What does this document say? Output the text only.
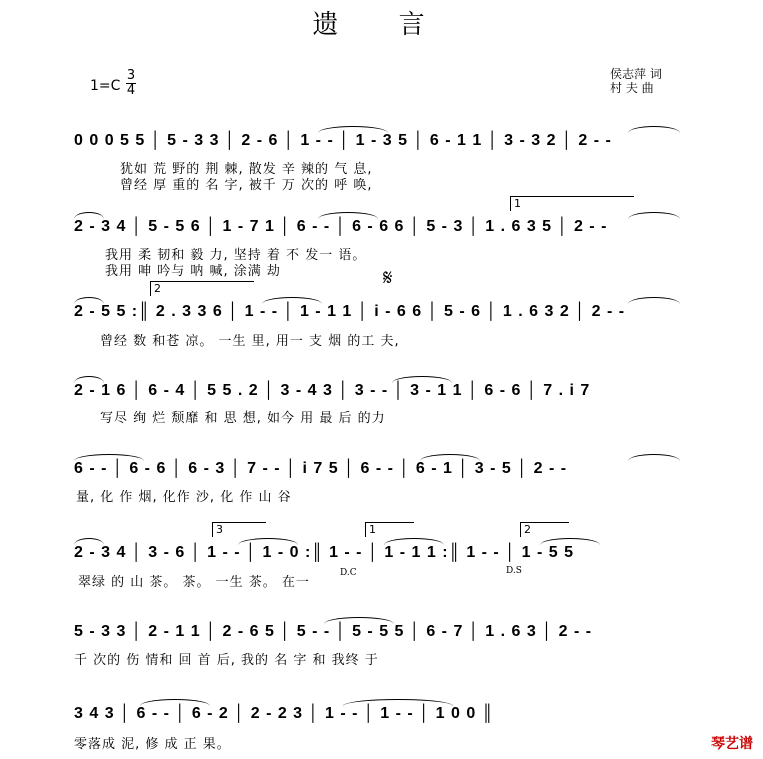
遗 言
侯志萍 词
村 夫 曲
1=C
3
4
0 0 0 5 5 │ 5 - 3 3 │ 2 - 6 │ 1 - - │ 1 - 3 5 │ 6 - 1 1 │ 3 - 3 2 │ 2 - -
犹如 荒 野的 荆 棘, 散发 辛 辣的 气 息,
曾经 厚 重的 名 字, 被千 万 次的 呼 唤,
1
2 - 3 4 │ 5 - 5 6 │ 1 - 7 1 │ 6 - - │ 6 - 6 6 │ 5 - 3 │ 1 . 6 3 5 │ 2 - -
我用 柔 韧和 毅 力, 坚持 着 不 发一 语。
我用 呻 吟与 呐 喊, 涂满 劫	𝄋
2
2 - 5 5 :║ 2 . 3 3 6 │ 1 - - │ 1 - 1 1 │ i - 6 6 │ 5 - 6 │ 1 . 6 3 2 │ 2 - -
曾经 数 和苍 凉。 一生 里, 用一 支 烟 的工 夫,
2 - 1 6 │ 6 - 4 │ 5 5 . 2 │ 3 - 4 3 │ 3 - - │ 3 - 1 1 │ 6 - 6 │ 7 . i 7
写尽 绚 烂 颓靡 和 思 想, 如今 用 最 后 的力
6 - - │ 6 - 6 │ 6 - 3 │ 7 - - │ i 7 5 │ 6 - - │ 6 - 1 │ 3 - 5 │ 2 - -
量, 化 作 烟, 化作 沙, 化 作 山 谷
3	1	2
2 - 3 4 │ 3 - 6 │ 1 - - │ 1 - 0 :║ 1 - - │ 1 - 1 1 :║ 1 - - │ 1 - 5 5
翠绿 的 山 茶。 茶。 一生 茶。 在一
D.C	D.S
5 - 3 3 │ 2 - 1 1 │ 2 - 6 5 │ 5 - - │ 5 - 5 5 │ 6 - 7 │ 1 . 6 3 │ 2 - -
千 次的 伤 情和 回 首 后, 我的 名 字 和 我终 于
3 4 3 │ 6 - - │ 6 - 2 │ 2 - 2 3 │ 1 - - │ 1 - - │ 1 0 0 ║
零落成 泥, 修 成 正 果。	琴艺谱
